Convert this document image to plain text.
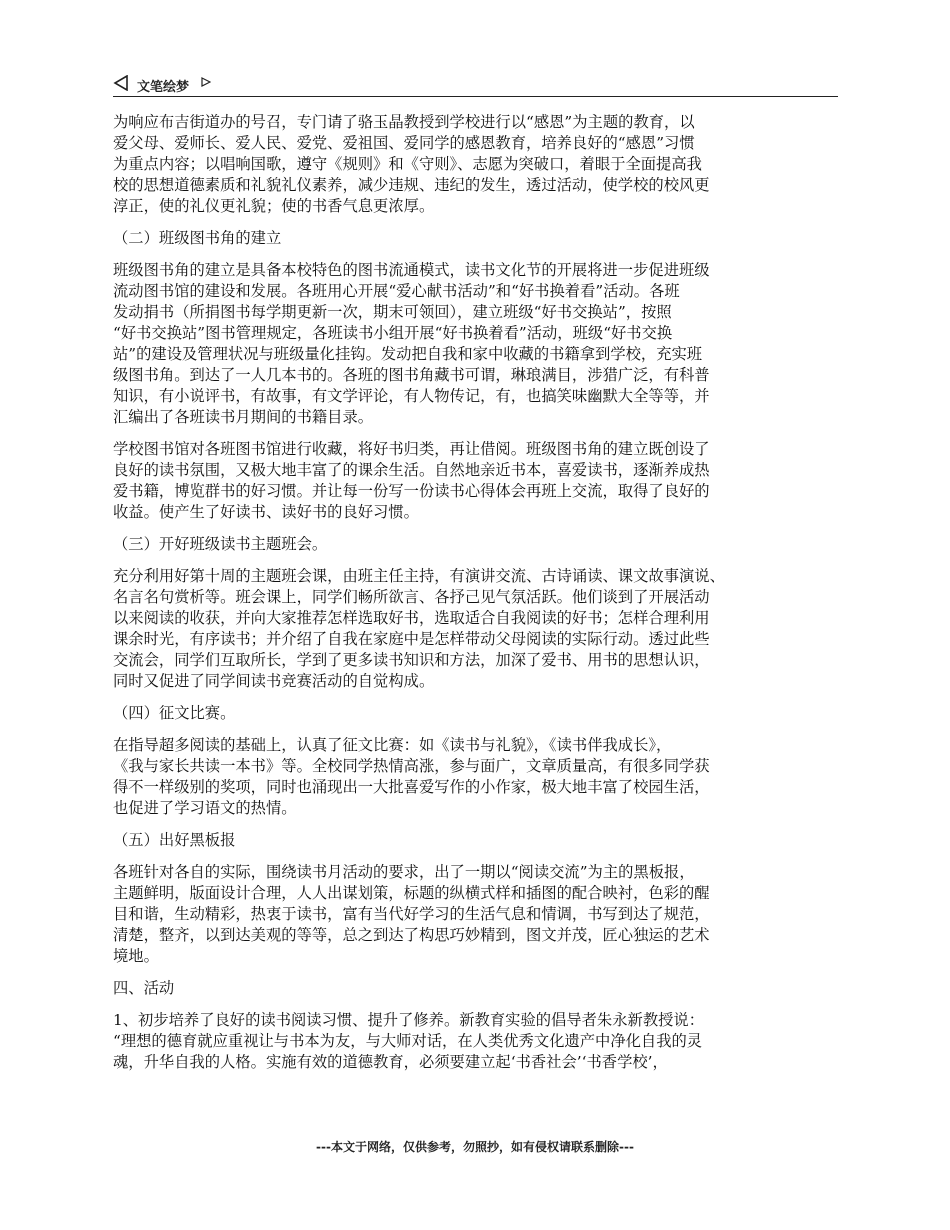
文笔绘梦
为响应布吉街道办的号召，专门请了骆玉晶教授到学校进行以“感恩”为主题的教育，以
爱父母、爱师长、爱人民、爱党、爱祖国、爱同学的感恩教育，培养良好的“感恩”习惯
为重点内容；以唱响国歌，遵守《规则》和《守则》、志愿为突破口，着眼于全面提高我
校的思想道德素质和礼貌礼仪素养，减少违规、违纪的发生，透过活动，使学校的校风更
淳正，使的礼仪更礼貌；使的书香气息更浓厚。
（二）班级图书角的建立
班级图书角的建立是具备本校特色的图书流通模式，读书文化节的开展将进一步促进班级
流动图书馆的建设和发展。各班用心开展“爱心献书活动”和“好书换着看”活动。各班
发动捐书（所捐图书每学期更新一次，期末可领回），建立班级“好书交换站”，按照
“好书交换站”图书管理规定，各班读书小组开展“好书换着看”活动，班级“好书交换
站”的建设及管理状况与班级量化挂钩。发动把自我和家中收藏的书籍拿到学校，充实班
级图书角。到达了一人几本书的。各班的图书角藏书可谓，琳琅满目，涉猎广泛，有科普
知识，有小说评书，有故事，有文学评论，有人物传记，有，也搞笑味幽默大全等等，并
汇编出了各班读书月期间的书籍目录。
学校图书馆对各班图书馆进行收藏，将好书归类，再让借阅。班级图书角的建立既创设了
良好的读书氛围，又极大地丰富了的课余生活。自然地亲近书本，喜爱读书，逐渐养成热
爱书籍，博览群书的好习惯。并让每一份写一份读书心得体会再班上交流，取得了良好的
收益。使产生了好读书、读好书的良好习惯。
（三）开好班级读书主题班会。
充分利用好第十周的主题班会课，由班主任主持，有演讲交流、古诗诵读、课文故事演说、
名言名句赏析等。班会课上，同学们畅所欲言、各抒己见气氛活跃。他们谈到了开展活动
以来阅读的收获，并向大家推荐怎样选取好书，选取适合自我阅读的好书；怎样合理利用
课余时光，有序读书；并介绍了自我在家庭中是怎样带动父母阅读的实际行动。透过此些
交流会，同学们互取所长，学到了更多读书知识和方法，加深了爱书、用书的思想认识，
同时又促进了同学间读书竞赛活动的自觉构成。
（四）征文比赛。
在指导超多阅读的基础上，认真了征文比赛：如《读书与礼貌》，《读书伴我成长》，
《我与家长共读一本书》等。全校同学热情高涨，参与面广，文章质量高，有很多同学获
得不一样级别的奖项，同时也涌现出一大批喜爱写作的小作家，极大地丰富了校园生活，
也促进了学习语文的热情。
（五）出好黑板报
各班针对各自的实际，围绕读书月活动的要求，出了一期以“阅读交流”为主的黑板报，
主题鲜明，版面设计合理，人人出谋划策，标题的纵横式样和插图的配合映衬，色彩的醒
目和谐，生动精彩，热衷于读书，富有当代好学习的生活气息和情调，书写到达了规范，
清楚，整齐，以到达美观的等等，总之到达了构思巧妙精到，图文并茂，匠心独运的艺术
境地。
四、活动
1、初步培养了良好的读书阅读习惯、提升了修养。新教育实验的倡导者朱永新教授说：
“理想的德育就应重视让与书本为友，与大师对话，在人类优秀文化遗产中净化自我的灵
魂，升华自我的人格。实施有效的道德教育，必须要建立起‘书香社会’‘书香学校’，
---本文于网络，仅供参考，勿照抄，如有侵权请联系删除---
